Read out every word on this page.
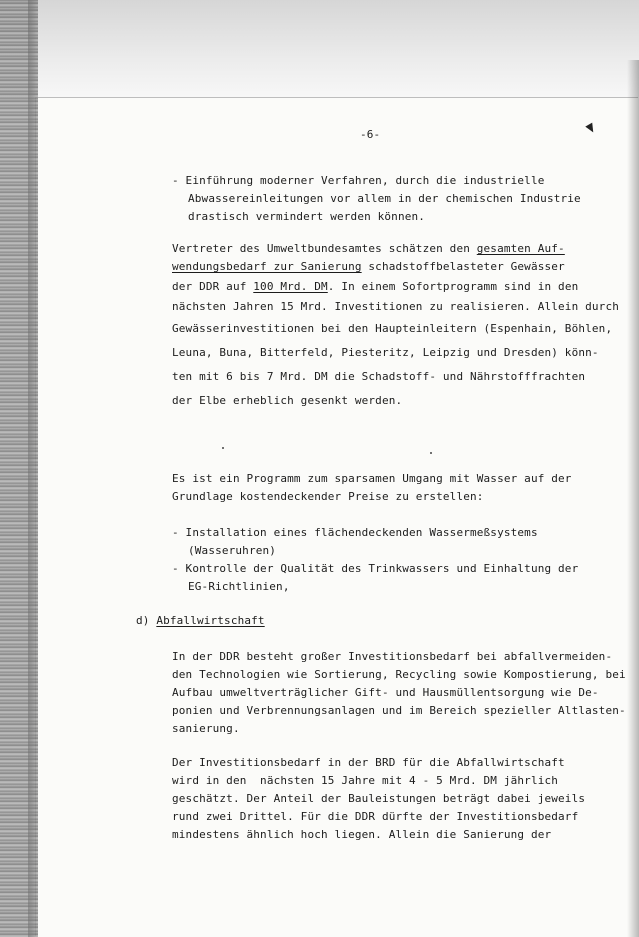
-6-
- Einführung moderner Verfahren, durch die industrielle
Abwassereinleitungen vor allem in der chemischen Industrie
drastisch vermindert werden können.
Vertreter des Umweltbundesamtes schätzen den gesamten Auf-
wendungsbedarf zur Sanierung schadstoffbelasteter Gewässer
der DDR auf 100 Mrd. DM. In einem Sofortprogramm sind in den
nächsten Jahren 15 Mrd. Investitionen zu realisieren. Allein durch
Gewässerinvestitionen bei den Haupteinleitern (Espenhain, Böhlen,
Leuna, Buna, Bitterfeld, Piesteritz, Leipzig und Dresden) könn-
ten mit 6 bis 7 Mrd. DM die Schadstoff- und Nährstofffrachten
der Elbe erheblich gesenkt werden.
Es ist ein Programm zum sparsamen Umgang mit Wasser auf der
Grundlage kostendeckender Preise zu erstellen:
- Installation eines flächendeckenden Wassermeßsystems
(Wasseruhren)
- Kontrolle der Qualität des Trinkwassers und Einhaltung der
EG-Richtlinien,
d) Abfallwirtschaft
In der DDR besteht großer Investitionsbedarf bei abfallvermeiden-
den Technologien wie Sortierung, Recycling sowie Kompostierung, bei
Aufbau umweltverträglicher Gift- und Hausmüllentsorgung wie De-
ponien und Verbrennungsanlagen und im Bereich spezieller Altlasten-
sanierung.
Der Investitionsbedarf in der BRD für die Abfallwirtschaft
wird in den  nächsten 15 Jahre mit 4 - 5 Mrd. DM jährlich
geschätzt. Der Anteil der Bauleistungen beträgt dabei jeweils
rund zwei Drittel. Für die DDR dürfte der Investitionsbedarf
mindestens ähnlich hoch liegen. Allein die Sanierung der
